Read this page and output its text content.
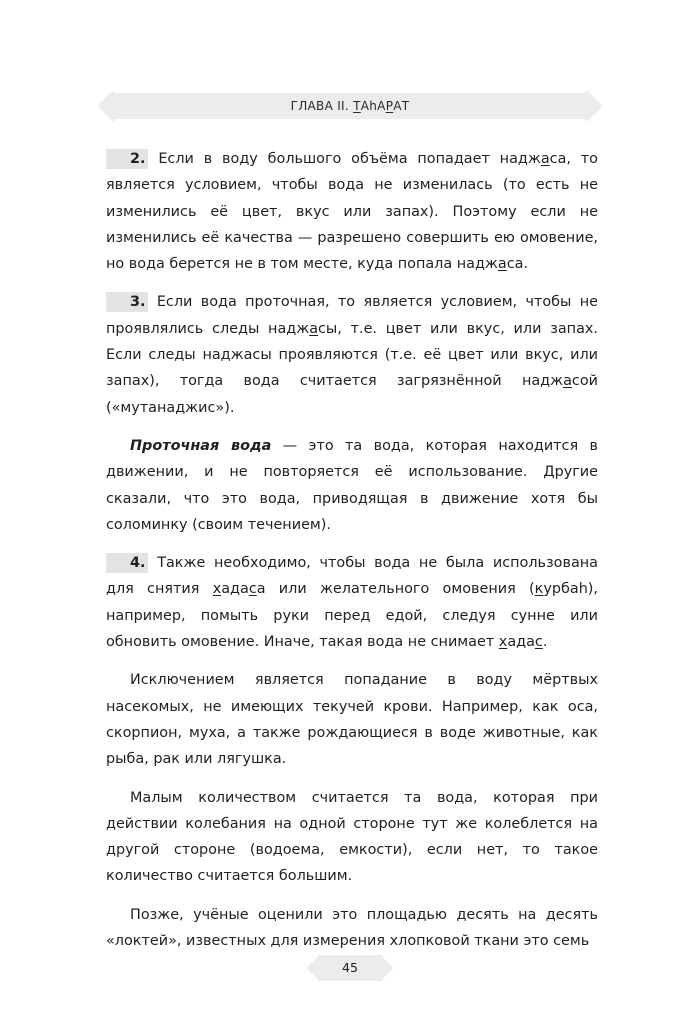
ГЛАВА II. ТАhАРАТ

2. Если в воду большого объёма попадает наджаса, то является условием, чтобы вода не изменилась (то есть не изменились её цвет, вкус или запах). Поэтому если не изменились её качества — разрешено совершить ею омовение, но вода берется не в том месте, куда попала наджаса.

3. Если вода проточная, то является условием, чтобы не проявлялись следы наджасы, т.е. цвет или вкус, или запах. Если следы наджасы проявляются (т.е. её цвет или вкус, или запах), тогда вода считается загрязнённой наджасой («мутанаджис»).

Проточная вода — это та вода, которая находится в движении, и не повторяется её использование. Другие сказали, что это вода, приводящая в движение хотя бы соломинку (своим течением).

4. Также необходимо, чтобы вода не была использована для снятия хадаса или желательного омовения (курбаh), например, помыть руки перед едой, следуя сунне или обновить омовение. Иначе, такая вода не снимает хадас.

Исключением является попадание в воду мёртвых насекомых, не имеющих текучей крови. Например, как оса, скорпион, муха, а также рождающиеся в воде животные, как рыба, рак или лягушка.

Малым количеством считается та вода, которая при действии колебания на одной стороне тут же колеблется на другой стороне (водоема, емкости), если нет, то такое количество считается большим.

Позже, учёные оценили это площадью десять на десять «локтей», известных для измерения хлопковой ткани это семь

45
